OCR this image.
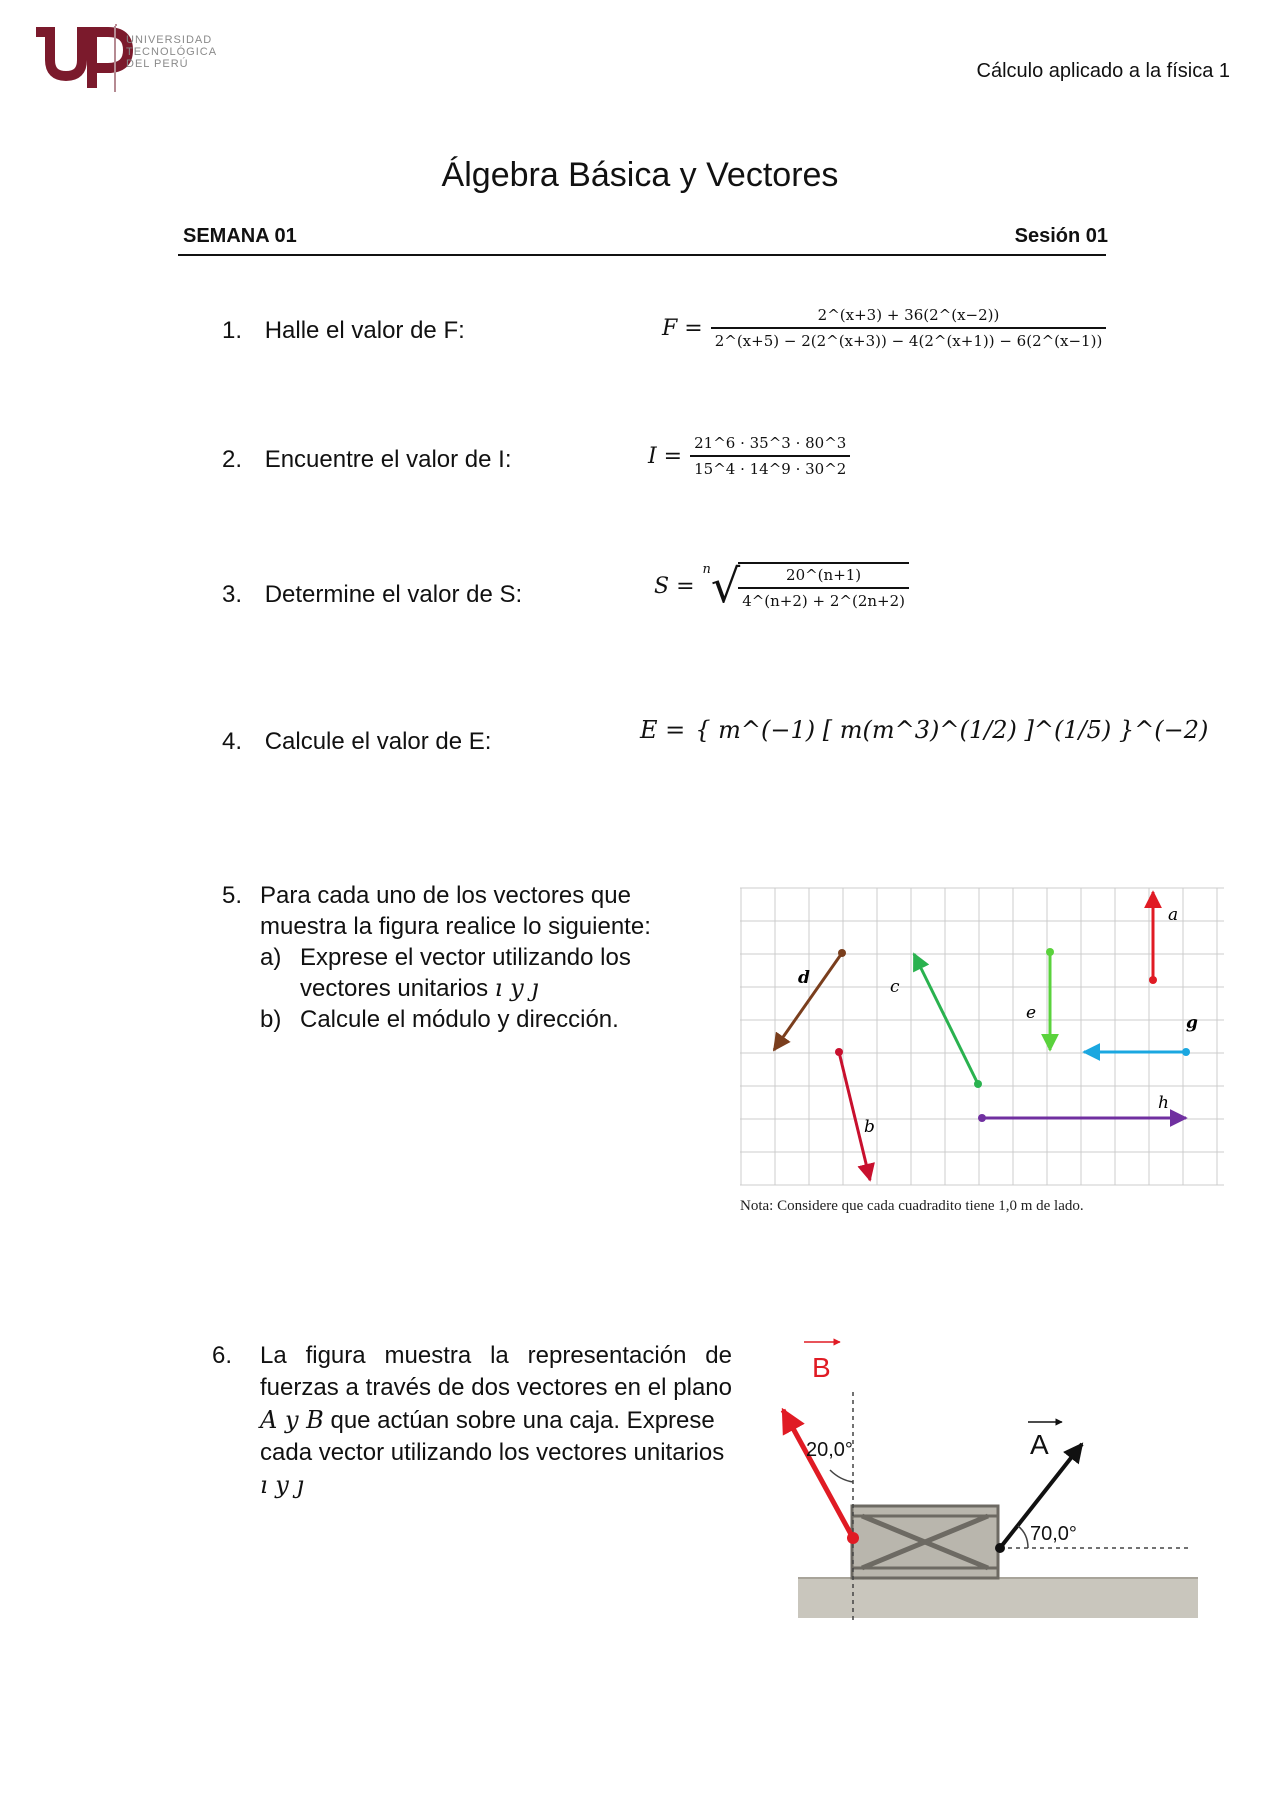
UNIVERSIDAD
TECNOLÓGICA
DEL PERÚ	Cálculo aplicado a la física 1
Álgebra Básica y Vectores
SEMANA 01	Sesión 01
1. Halle el valor de F:	$F = \frac{2\^{}(x+3) + 36(2\^{}(x-2))}{2\^{}(x+5) - 2(2\^{}(x+3)) - 4(2\^{}(x+1)) - 6(2\^{}(x-1))}$
2. Encuentre el valor de I:	$I = \frac{21\^{}6 \cdot 35\^{}3 \cdot 80\^{}3}{15\^{}4 \cdot 14\^{}9 \cdot 30\^{}2}$
3. Determine el valor de S:	S =
n √
$\frac{20\^{}(n+1)}{4\^{}(n+2) + 2\^{}(2n+2)}$
4. Calcule el valor de E:	E = { m^(−1) [ m(m^3)^(1/2) ]^(1/5) }^(−2)
5. Para cada uno de los vectores que
muestra la figura realice lo siguiente:
a) Exprese el vector utilizando los
vectores unitarios ı y ȷ
b) Calcule el módulo y dirección.
a
b
c
d
e	g
h
Nota: Considere que cada cuadradito tiene 1,0 m de lado.
6. La figura muestra la representación de
fuerzas a través de dos vectores en el plano
A y B que actúan sobre una caja. Exprese
cada vector utilizando los vectores unitarios
ı y ȷ
B
20,0°	A
70,0°
